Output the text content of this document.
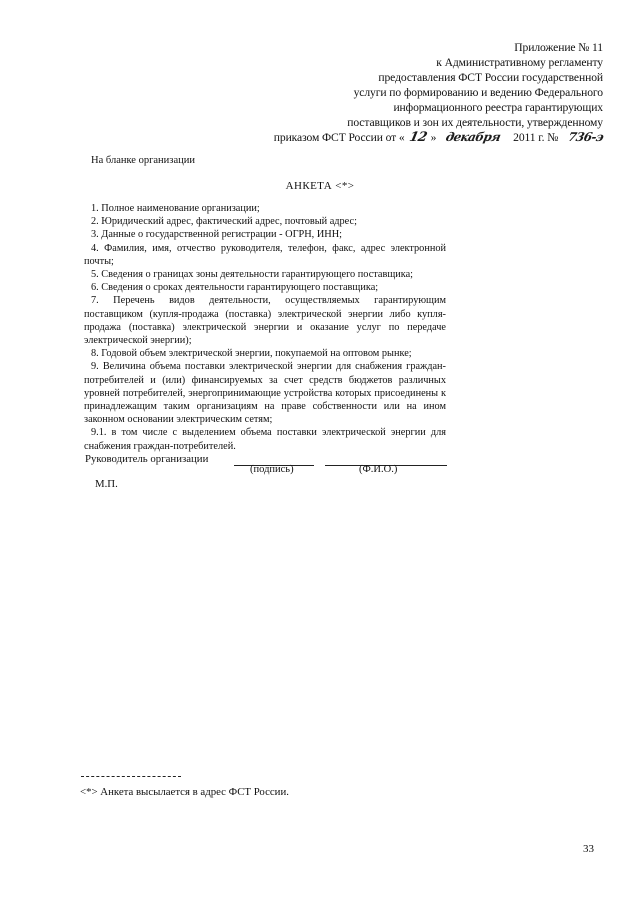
Приложение № 11
к Административному регламенту
предоставления ФСТ России государственной
услуги по формированию и ведению Федерального
информационного реестра гарантирующих
поставщиков и зон их деятельности, утвержденному
приказом ФСТ России от « 12 » декабря 2011 г. № 736-э
На бланке организации
АНКЕТА <*>

1. Полное наименование организации;

2. Юридический адрес, фактический адрес, почтовый адрес;

3. Данные о государственной регистрации - ОГРН, ИНН;

4. Фамилия, имя, отчество руководителя, телефон, факс, адрес электронной почты;

5. Сведения о границах зоны деятельности гарантирующего поставщика;

6. Сведения о сроках деятельности гарантирующего поставщика;

7. Перечень видов деятельности, осуществляемых гарантирующим поставщиком (купля-продажа (поставка) электрической энергии либо купля-продажа (поставка) электрической энергии и оказание услуг по передаче электрической энергии);

8. Годовой объем электрической энергии, покупаемой на оптовом рынке;

9. Величина объема поставки электрической энергии для снабжения граждан-потребителей и (или) финансируемых за счет средств бюджетов различных уровней потребителей, энергопринимающие устройства которых присоединены к принадлежащим таким организациям на праве собственности или на ином законном основании электрическим сетям;

9.1. в том числе с выделением объема поставки электрической энергии для снабжения граждан-потребителей.

Руководитель организации
(подпись)	(Ф.И.О.)
М.П.
<*> Анкета высылается в адрес ФСТ России.
33
